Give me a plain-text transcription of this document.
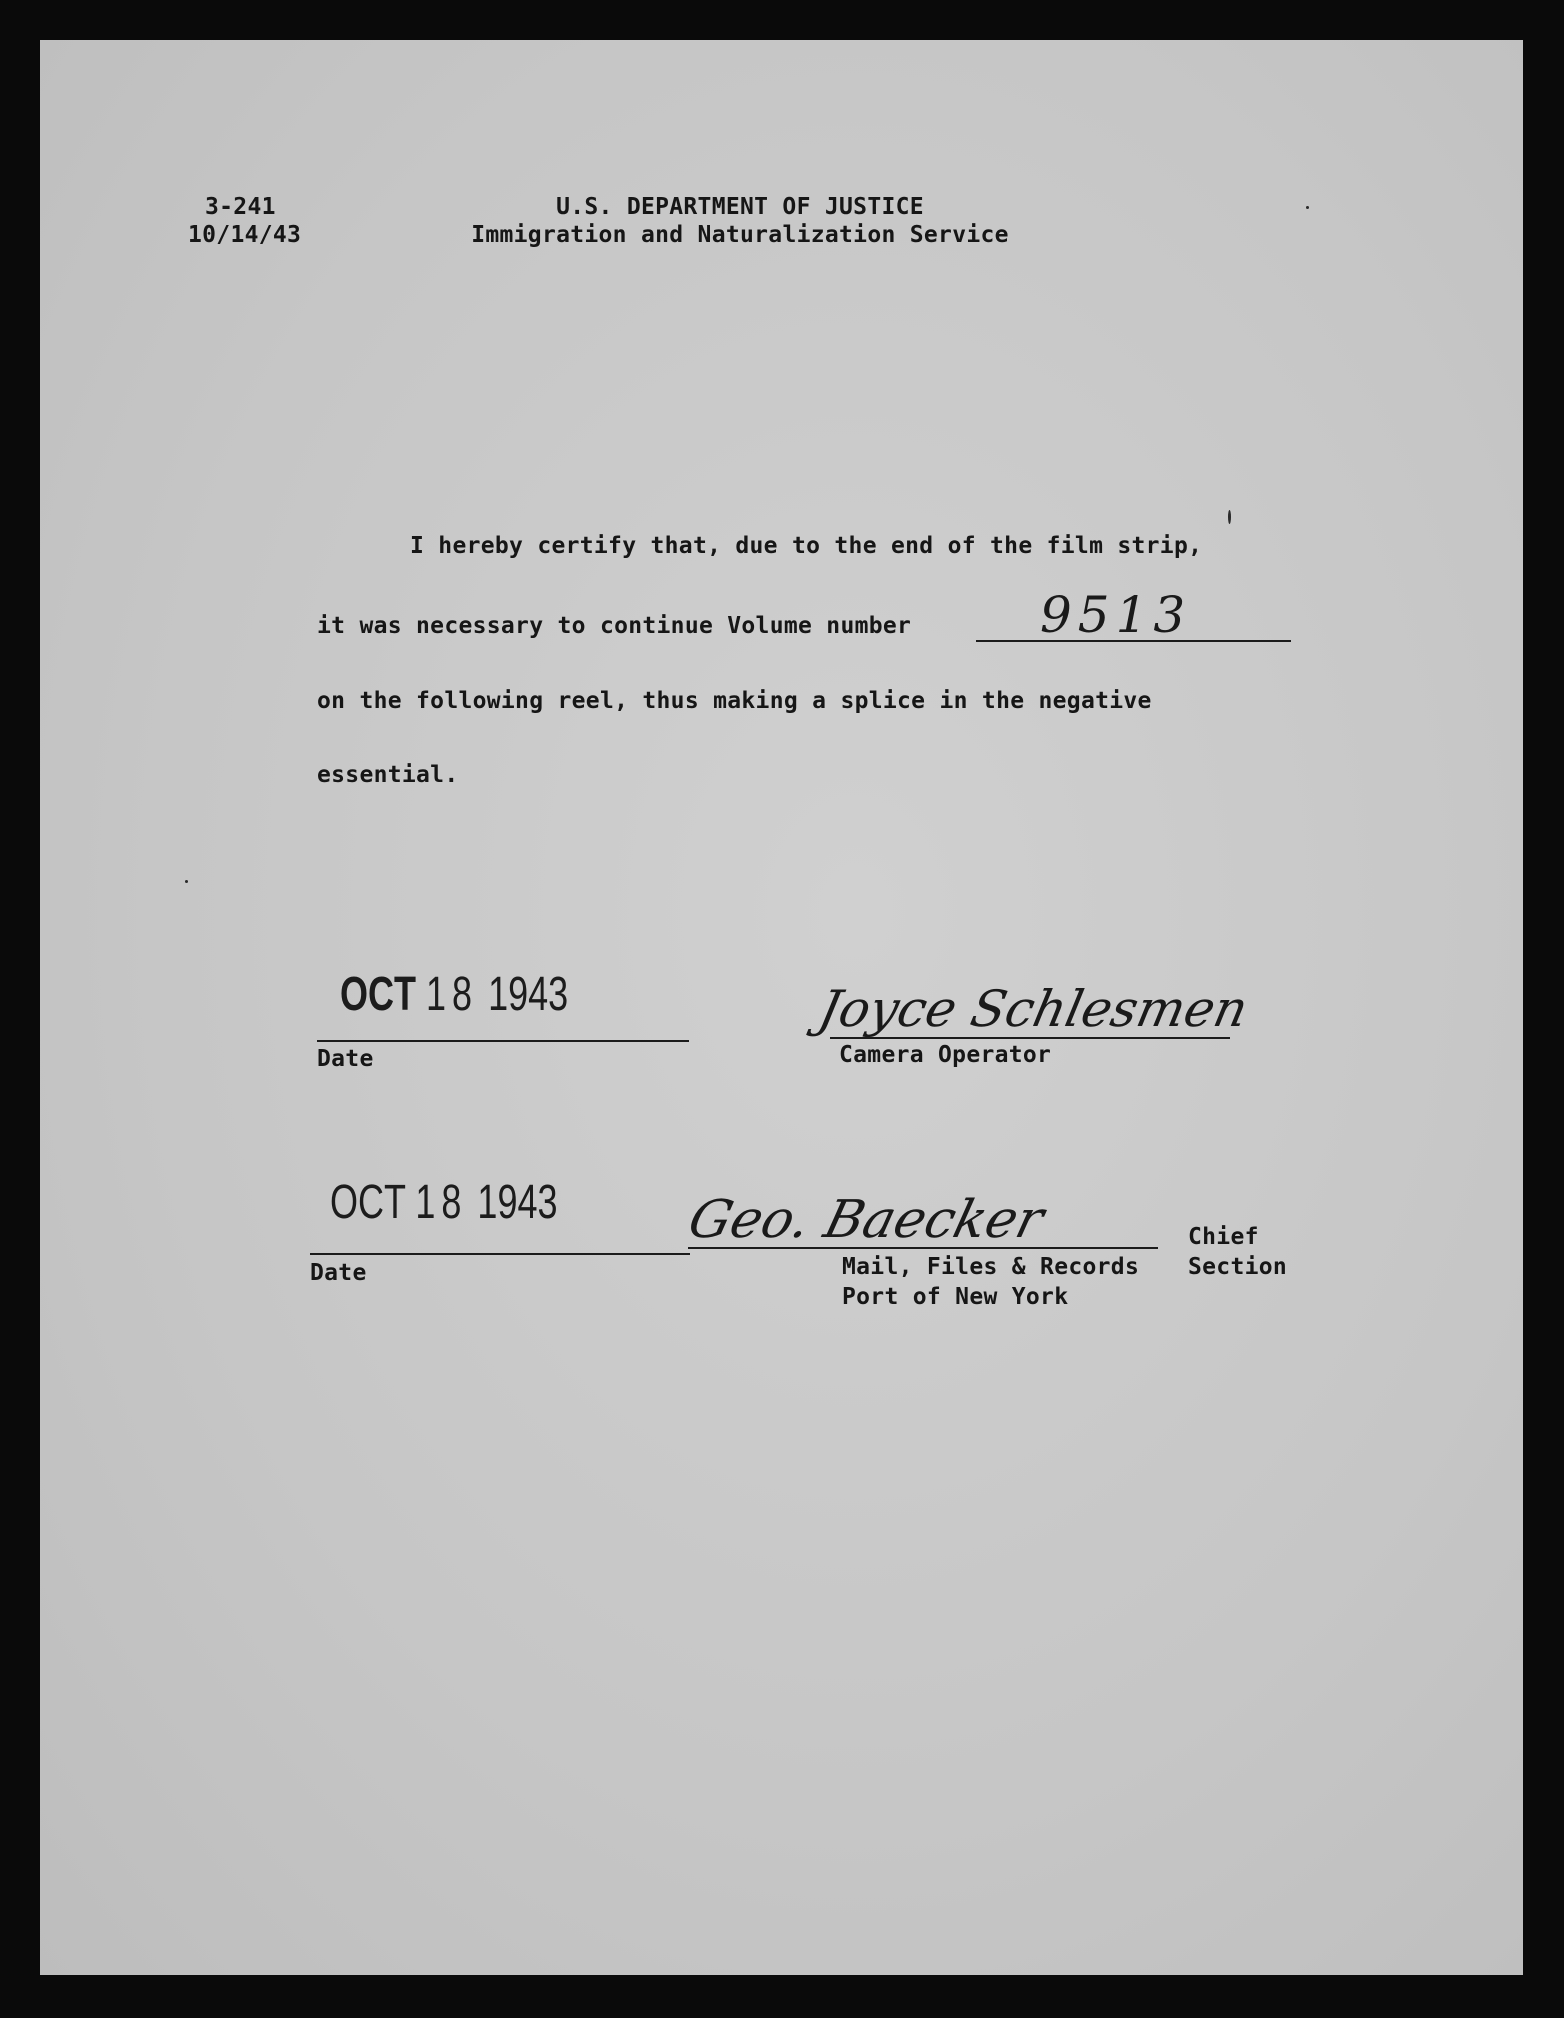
3-241
10/14/43
U.S. DEPARTMENT OF JUSTICE
Immigration and Naturalization Service
I hereby certify that, due to the end of the film strip,
it was necessary to continue Volume number	9513
on the following reel, thus making a splice in the negative
essential.
OCT 18 1943
Date
Joyce Schlesmen
Camera Operator
OCT 18 1943
Date
Geo. Baecker	Chief
Mail, Files & Records Section
Port of New York
